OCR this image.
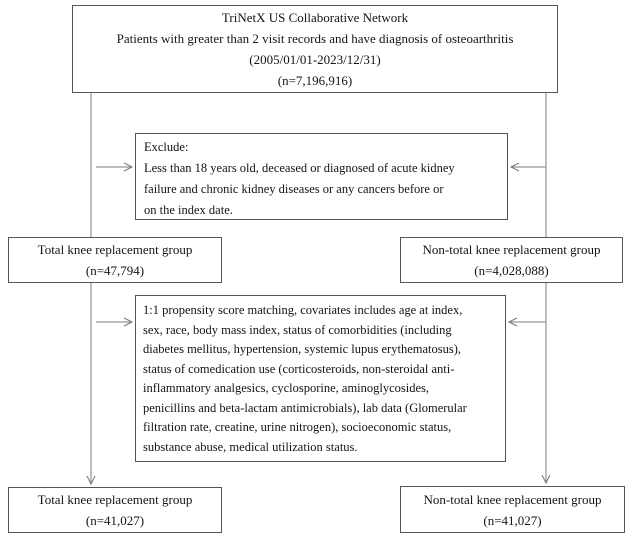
TriNetX US Collaborative Network
Patients with greater than 2 visit records and have diagnosis of osteoarthritis
(2005/01/01-2023/12/31)
(n=7,196,916)
Exclude:
Less than 18 years old, deceased or diagnosed of acute kidney
failure and chronic kidney diseases or any cancers before or
on the index date.
Total knee replacement group
(n=47,794)
Non-total knee replacement group
(n=4,028,088)
1:1 propensity score matching, covariates includes age at index,
sex, race, body mass index, status of comorbidities (including
diabetes mellitus, hypertension, systemic lupus erythematosus),
status of comedication use (corticosteroids, non-steroidal anti-
inflammatory analgesics, cyclosporine, aminoglycosides,
penicillins and beta-lactam antimicrobials), lab data (Glomerular
filtration rate, creatine, urine nitrogen), socioeconomic status,
substance abuse, medical utilization status.
Total knee replacement group
(n=41,027)
Non-total knee replacement group
(n=41,027)
